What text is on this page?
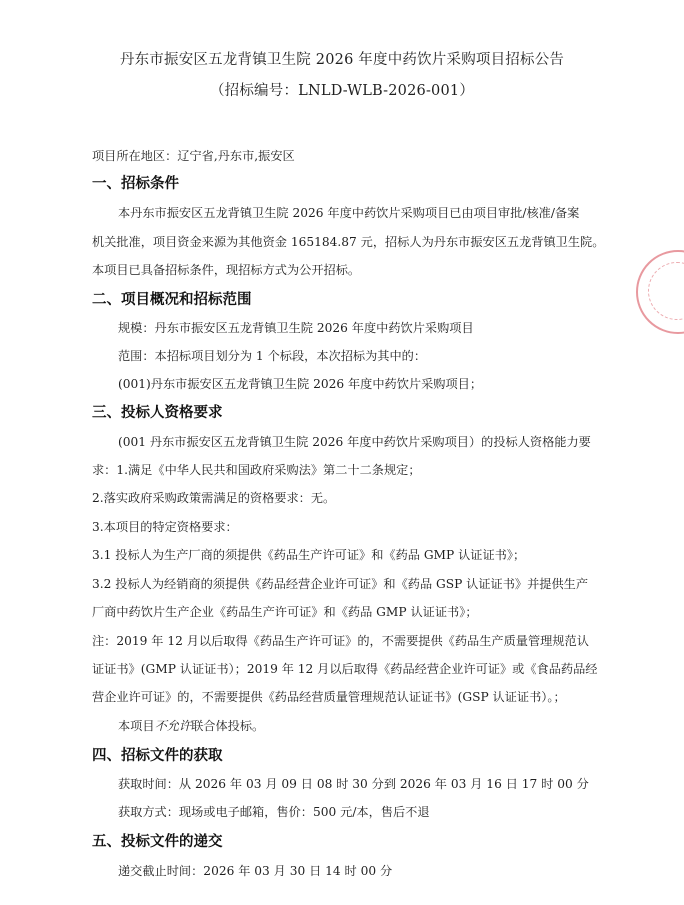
丹东市振安区五龙背镇卫生院 2026 年度中药饮片采购项目招标公告
（招标编号：LNLD-WLB-2026-001）
项目所在地区：辽宁省,丹东市,振安区
一、招标条件
本丹东市振安区五龙背镇卫生院 2026 年度中药饮片采购项目已由项目审批/核准/备案
机关批准，项目资金来源为其他资金 165184.87 元，招标人为丹东市振安区五龙背镇卫生院。
本项目已具备招标条件，现招标方式为公开招标。
二、项目概况和招标范围
规模：丹东市振安区五龙背镇卫生院 2026 年度中药饮片采购项目
范围：本招标项目划分为 1 个标段，本次招标为其中的：
(001)丹东市振安区五龙背镇卫生院 2026 年度中药饮片采购项目；
三、投标人资格要求
(001 丹东市振安区五龙背镇卫生院 2026 年度中药饮片采购项目）的投标人资格能力要
求：1.满足《中华人民共和国政府采购法》第二十二条规定；
2.落实政府采购政策需满足的资格要求：无。
3.本项目的特定资格要求：
3.1 投标人为生产厂商的须提供《药品生产许可证》和《药品 GMP 认证证书》；
3.2 投标人为经销商的须提供《药品经营企业许可证》和《药品 GSP 认证证书》并提供生产
厂商中药饮片生产企业《药品生产许可证》和《药品 GMP 认证证书》；
注：2019 年 12 月以后取得《药品生产许可证》的，不需要提供《药品生产质量管理规范认
证证书》(GMP 认证证书）；2019 年 12 月以后取得《药品经营企业许可证》或《食品药品经
营企业许可证》的，不需要提供《药品经营质量管理规范认证证书》(GSP 认证证书）。；
本项目不允许联合体投标。
四、招标文件的获取
获取时间：从 2026 年 03 月 09 日 08 时 30 分到 2026 年 03 月 16 日 17 时 00 分
获取方式：现场或电子邮箱，售价：500 元/本，售后不退
五、投标文件的递交
递交截止时间：2026 年 03 月 30 日 14 时 00 分
